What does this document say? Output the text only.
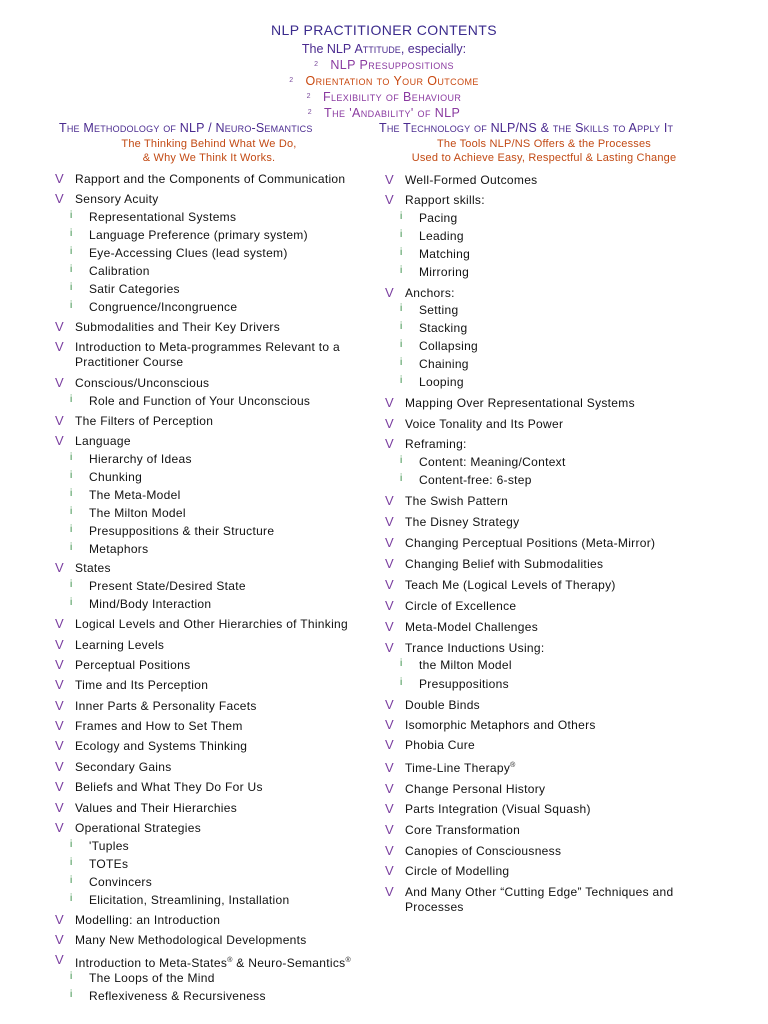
NLP PRACTITIONER CONTENTS
The NLP Attitude, especially:
$^2$ NLP Presuppositions
$^2$ Orientation to Your Outcome
$^2$ Flexibility of Behaviour
$^2$ The 'Andability' of NLP
The Methodology of NLP / Neuro-Semantics
The Thinking Behind What We Do,
& Why We Think It Works.
The Technology of NLP/NS & the Skills to Apply It
The Tools NLP/NS Offers & the Processes
Used to Achieve Easy, Respectful & Lasting Change
V Rapport and the Components of Communication
V Sensory Acuity
i Representational Systems
i Language Preference (primary system)
i Eye-Accessing Clues (lead system)
i Calibration
i Satir Categories
i Congruence/Incongruence
V Submodalities and Their Key Drivers
V Introduction to Meta-programmes Relevant to a Practitioner Course
V Conscious/Unconscious
i Role and Function of Your Unconscious
V The Filters of Perception
V Language
i Hierarchy of Ideas
i Chunking
i The Meta-Model
i The Milton Model
i Presuppositions & their Structure
i Metaphors
V States
i Present State/Desired State
i Mind/Body Interaction
V Logical Levels and Other Hierarchies of Thinking
V Learning Levels
V Perceptual Positions
V Time and Its Perception
V Inner Parts & Personality Facets
V Frames and How to Set Them
V Ecology and Systems Thinking
V Secondary Gains
V Beliefs and What They Do For Us
V Values and Their Hierarchies
V Operational Strategies
i 'Tuples
i TOTEs
i Convincers
i Elicitation, Streamlining, Installation
V Modelling: an Introduction
V Many New Methodological Developments
V Introduction to Meta-States® & Neuro-Semantics®
i The Loops of the Mind
i Reflexiveness & Recursiveness
V Well-Formed Outcomes
V Rapport skills:
i Pacing
i Leading
i Matching
i Mirroring
V Anchors:
i Setting
i Stacking
i Collapsing
i Chaining
i Looping
V Mapping Over Representational Systems
V Voice Tonality and Its Power
V Reframing:
i Content: Meaning/Context
i Content-free: 6-step
V The Swish Pattern
V The Disney Strategy
V Changing Perceptual Positions (Meta-Mirror)
V Changing Belief with Submodalities
V Teach Me (Logical Levels of Therapy)
V Circle of Excellence
V Meta-Model Challenges
V Trance Inductions Using:
i the Milton Model
i Presuppositions
V Double Binds
V Isomorphic Metaphors and Others
V Phobia Cure
V Time-Line Therapy®
V Change Personal History
V Parts Integration (Visual Squash)
V Core Transformation
V Canopies of Consciousness
V Circle of Modelling
V And Many Other “Cutting Edge” Techniques and Processes
